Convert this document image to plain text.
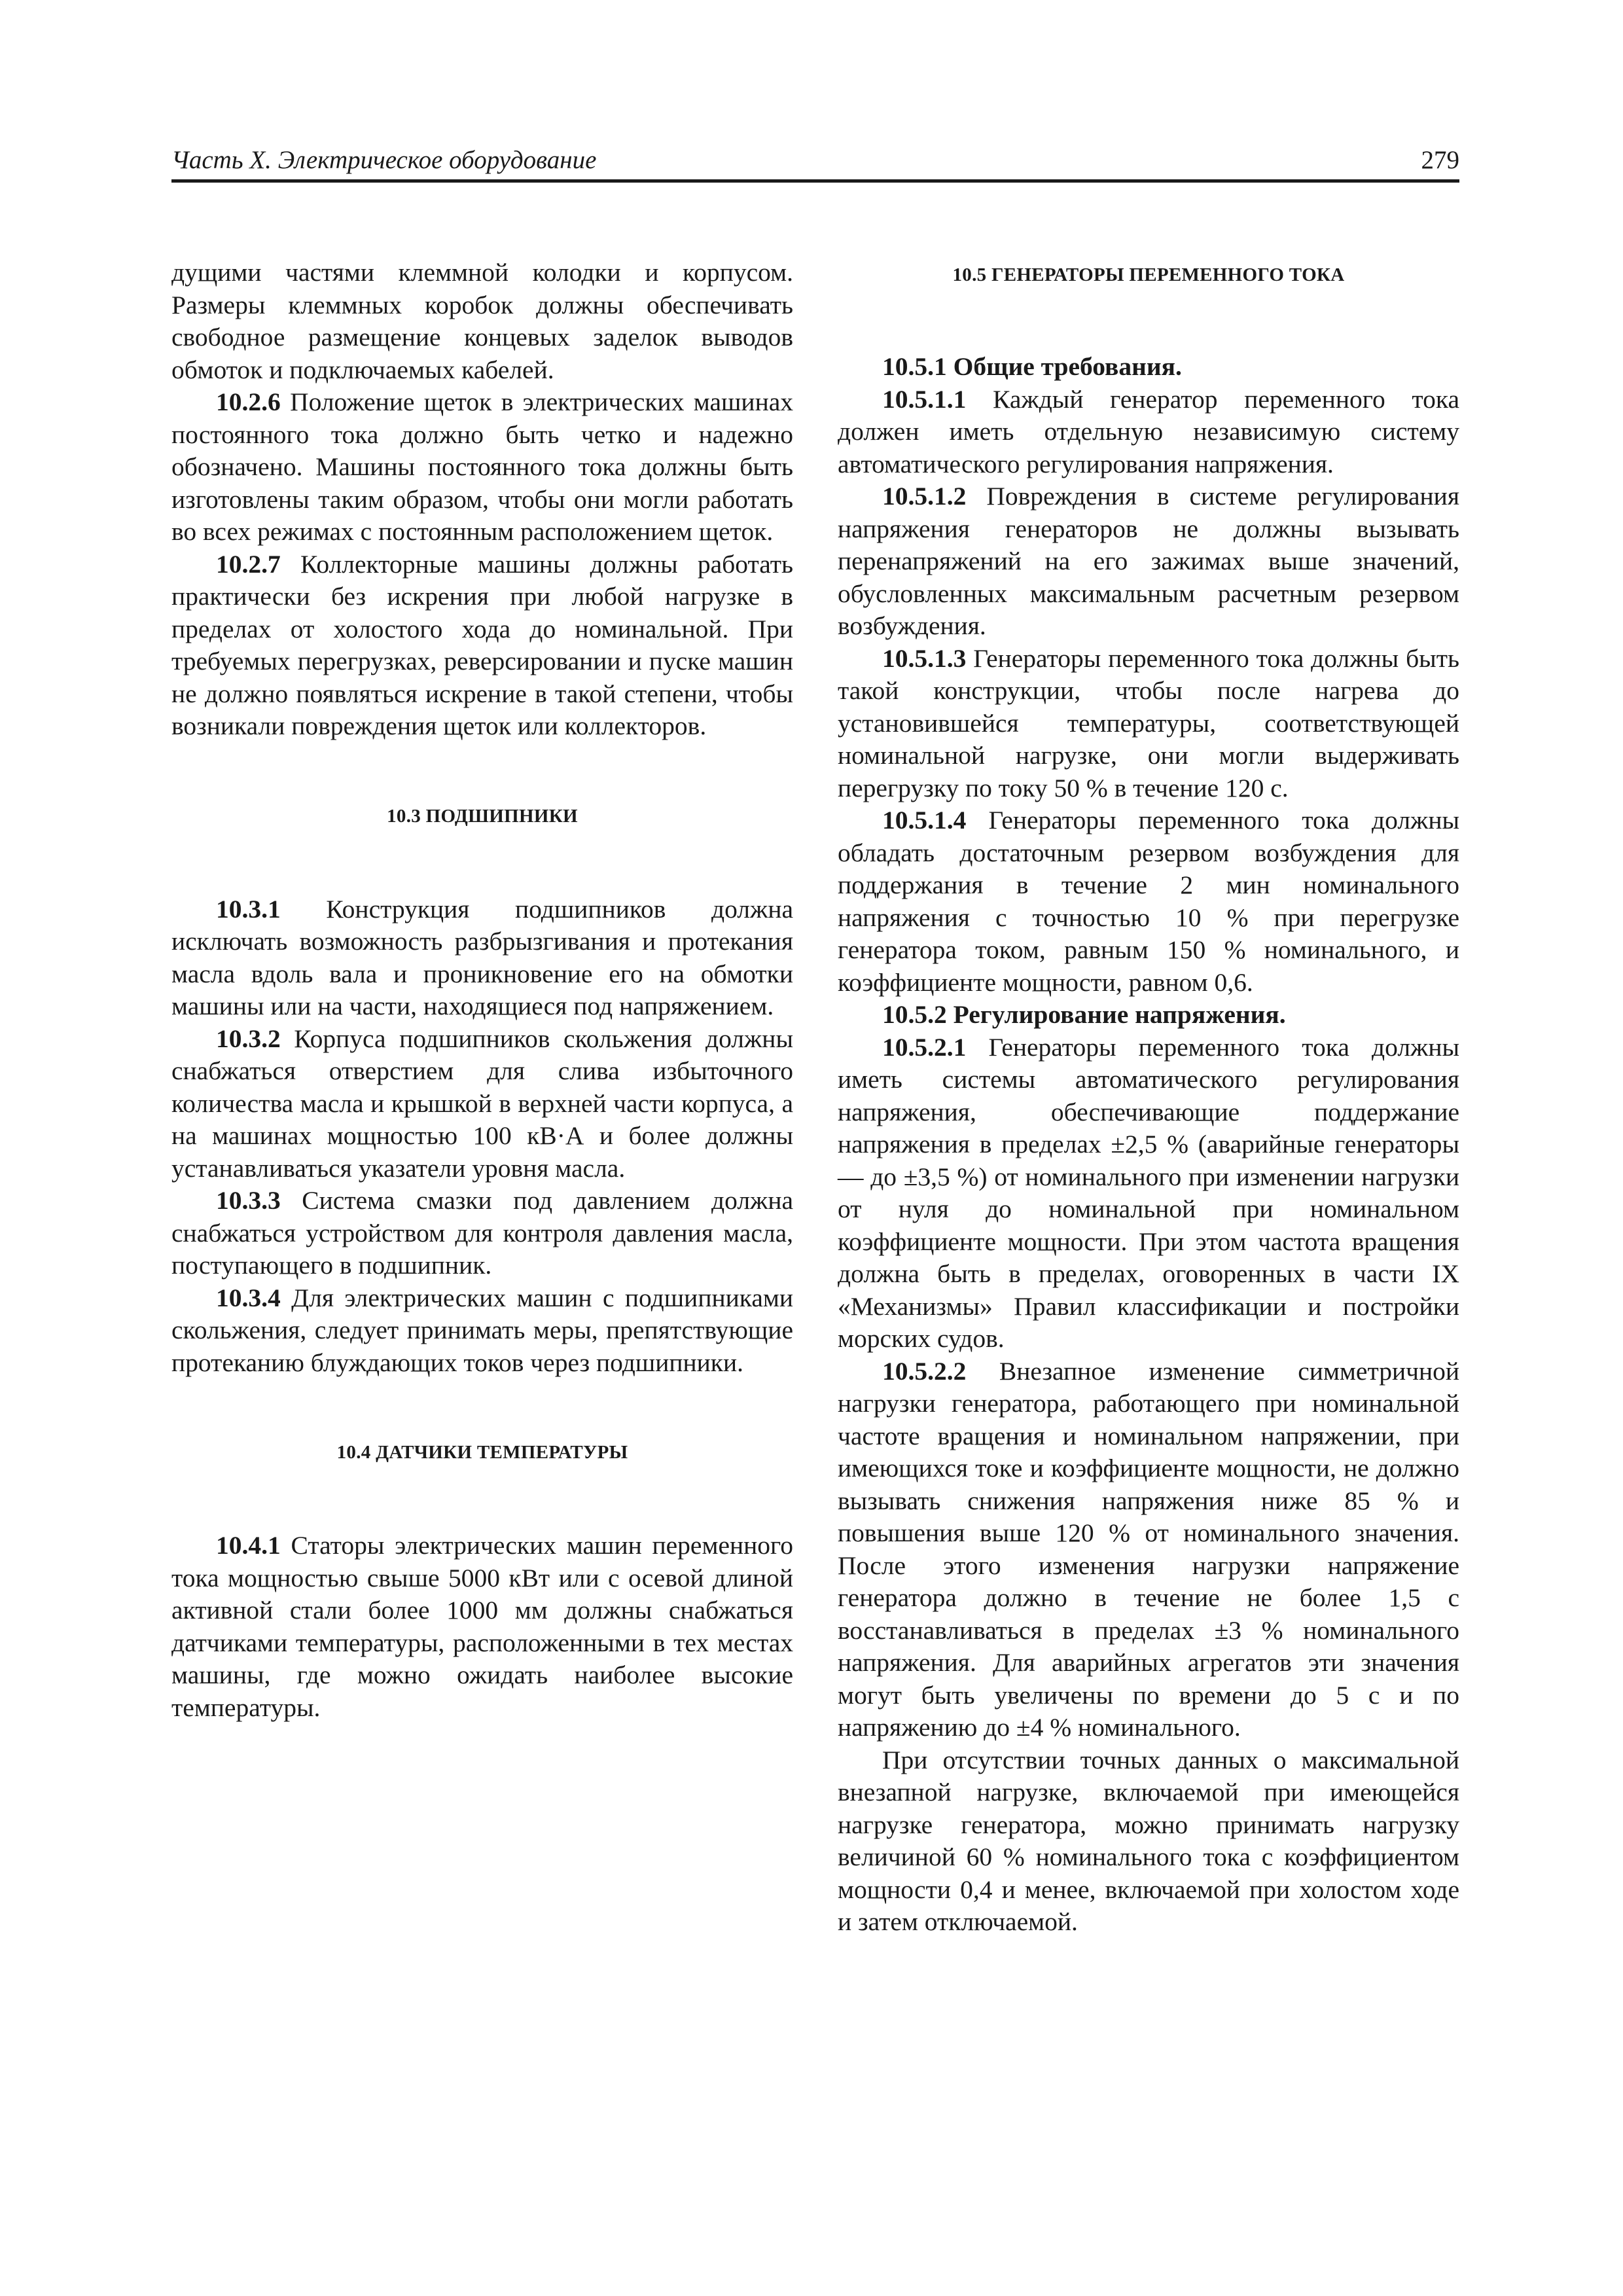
Часть X. Электрическое оборудование	279

дущими частями клеммной колодки и корпусом. Размеры клеммных коробок должны обеспечивать свободное размещение концевых заделок выводов обмоток и подключаемых кабелей.

10.2.6 Положение щеток в электрических машинах постоянного тока должно быть четко и надежно обозначено. Машины постоянного тока должны быть изготовлены таким образом, чтобы они могли работать во всех режимах с постоянным расположением щеток.

10.2.7 Коллекторные машины должны работать практически без искрения при любой нагрузке в пределах от холостого хода до номинальной. При требуемых перегрузках, реверсировании и пуске машин не должно появляться искрение в такой степени, чтобы возникали повреждения щеток или коллекторов.

10.3 ПОДШИПНИКИ

10.3.1 Конструкция подшипников должна исключать возможность разбрызгивания и протекания масла вдоль вала и проникновение его на обмотки машины или на части, находящиеся под напряжением.

10.3.2 Корпуса подшипников скольжения должны снабжаться отверстием для слива избыточного количества масла и крышкой в верхней части корпуса, а на машинах мощностью 100 кВ·А и более должны устанавливаться указатели уровня масла.

10.3.3 Система смазки под давлением должна снабжаться устройством для контроля давления масла, поступающего в подшипник.

10.3.4 Для электрических машин с подшипниками скольжения, следует принимать меры, препятствующие протеканию блуждающих токов через подшипники.

10.4 ДАТЧИКИ ТЕМПЕРАТУРЫ

10.4.1 Статоры электрических машин переменного тока мощностью свыше 5000 кВт или с осевой длиной активной стали более 1000 мм должны снабжаться датчиками температуры, расположенными в тех местах машины, где можно ожидать наиболее высокие температуры.

10.5 ГЕНЕРАТОРЫ ПЕРЕМЕННОГО ТОКА

10.5.1 Общие требования.

10.5.1.1 Каждый генератор переменного тока должен иметь отдельную независимую систему автоматического регулирования напряжения.

10.5.1.2 Повреждения в системе регулирования напряжения генераторов не должны вызывать перенапряжений на его зажимах выше значений, обусловленных максимальным расчетным резервом возбуждения.

10.5.1.3 Генераторы переменного тока должны быть такой конструкции, чтобы после нагрева до установившейся температуры, соответствующей номинальной нагрузке, они могли выдерживать перегрузку по току 50 % в течение 120 с.

10.5.1.4 Генераторы переменного тока должны обладать достаточным резервом возбуждения для поддержания в течение 2 мин номинального напряжения с точностью 10 % при перегрузке генератора током, равным 150 % номинального, и коэффициенте мощности, равном 0,6.

10.5.2 Регулирование напряжения.

10.5.2.1 Генераторы переменного тока должны иметь системы автоматического регулирования напряжения, обеспечивающие поддержание напряжения в пределах ±2,5 % (аварийные генераторы — до ±3,5 %) от номинального при изменении нагрузки от нуля до номинальной при номинальном коэффициенте мощности. При этом частота вращения должна быть в пределах, оговоренных в части IX «Механизмы» Правил классификации и постройки морских судов.

10.5.2.2 Внезапное изменение симметричной нагрузки генератора, работающего при номинальной частоте вращения и номинальном напряжении, при имеющихся токе и коэффициенте мощности, не должно вызывать снижения напряжения ниже 85 % и повышения выше 120 % от номинального значения. После этого изменения нагрузки напряжение генератора должно в течение не более 1,5 с восстанавливаться в пределах ±3 % номинального напряжения. Для аварийных агрегатов эти значения могут быть увеличены по времени до 5 с и по напряжению до ±4 % номинального.

При отсутствии точных данных о максимальной внезапной нагрузке, включаемой при имеющейся нагрузке генератора, можно принимать нагрузку величиной 60 % номинального тока с коэффициентом мощности 0,4 и менее, включаемой при холостом ходе и затем отключаемой.
